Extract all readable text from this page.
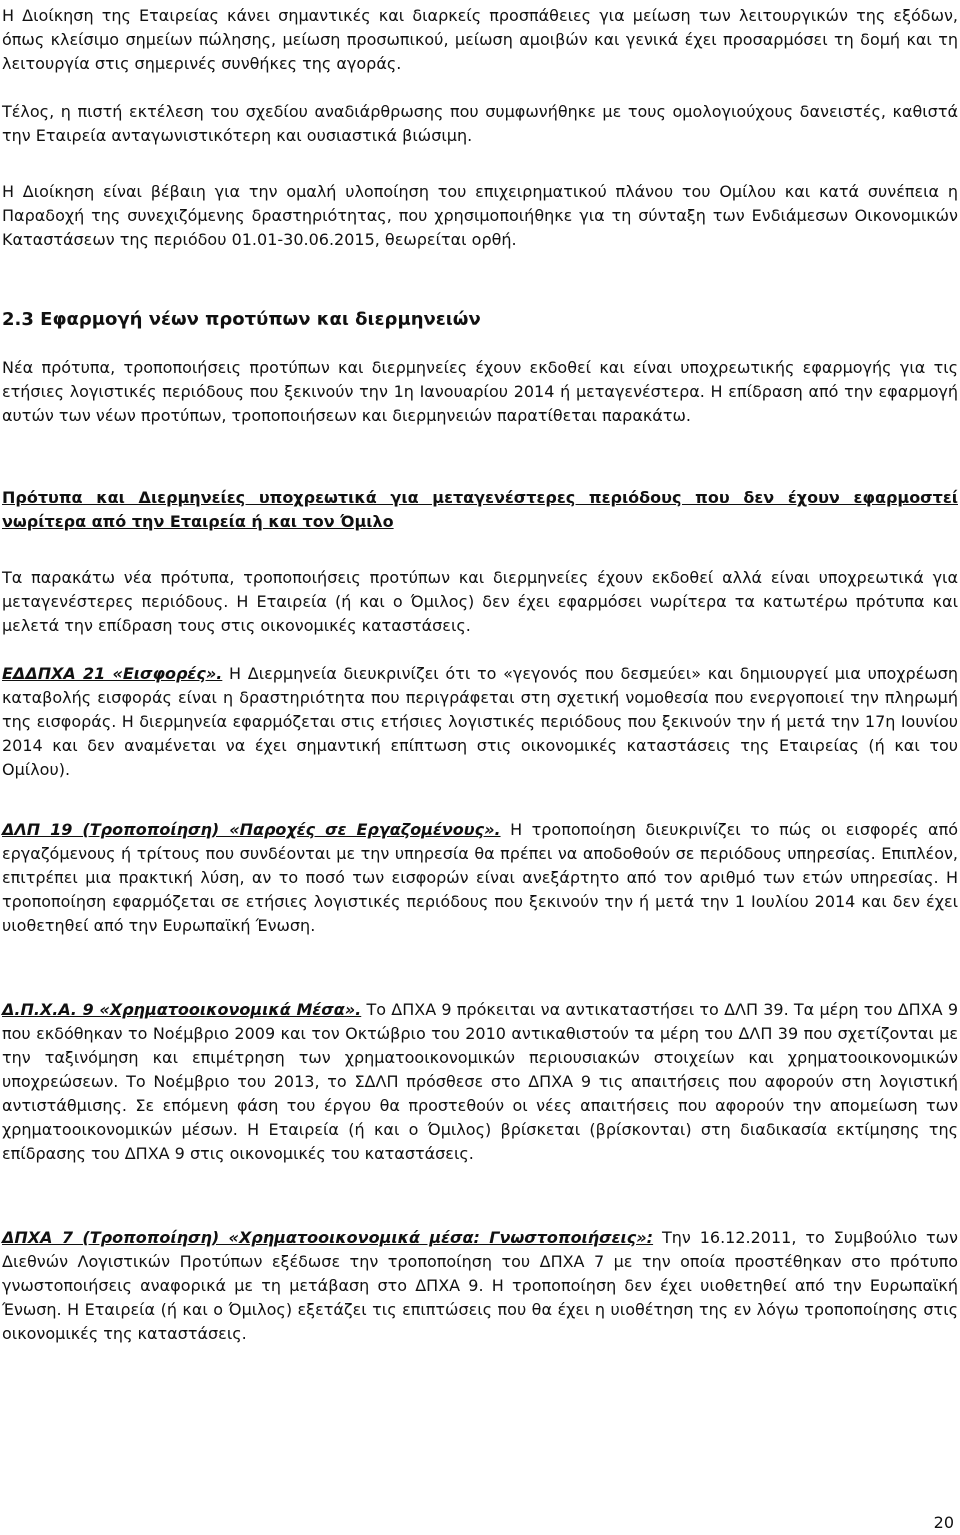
Η Διοίκηση της Εταιρείας κάνει σημαντικές και διαρκείς προσπάθειες για μείωση των λειτουργικών της εξόδων, όπως κλείσιμο σημείων πώλησης, μείωση προσωπικού, μείωση αμοιβών και γενικά έχει προσαρμόσει τη δομή και τη λειτουργία στις σημερινές συνθήκες της αγοράς.

Τέλος, η πιστή εκτέλεση του σχεδίου αναδιάρθρωσης που συμφωνήθηκε με τους ομολογιούχους δανειστές, καθιστά την Εταιρεία ανταγωνιστικότερη και ουσιαστικά βιώσιμη.

Η Διοίκηση είναι βέβαιη για την ομαλή υλοποίηση του επιχειρηματικού πλάνου του Ομίλου και κατά συνέπεια η Παραδοχή της συνεχιζόμενης δραστηριότητας, που χρησιμοποιήθηκε για τη σύνταξη των Ενδιάμεσων Οικονομικών Καταστάσεων της περιόδου 01.01-30.06.2015, θεωρείται ορθή.

2.3 Εφαρμογή νέων προτύπων και διερμηνειών

Νέα πρότυπα, τροποποιήσεις προτύπων και διερμηνείες έχουν εκδοθεί και είναι υποχρεωτικής εφαρμογής για τις ετήσιες λογιστικές περιόδους που ξεκινούν την 1η Ιανουαρίου 2014 ή μεταγενέστερα. Η επίδραση από την εφαρμογή αυτών των νέων προτύπων, τροποποιήσεων και διερμηνειών παρατίθεται παρακάτω.

Πρότυπα και Διερμηνείες υποχρεωτικά για μεταγενέστερες περιόδους που δεν έχουν εφαρμοστεί νωρίτερα από την Εταιρεία ή και τον Όμιλο

Τα παρακάτω νέα πρότυπα, τροποποιήσεις προτύπων και διερμηνείες έχουν εκδοθεί αλλά είναι υποχρεωτικά για μεταγενέστερες περιόδους. Η Εταιρεία (ή και ο Όμιλος) δεν έχει εφαρμόσει νωρίτερα τα κατωτέρω πρότυπα και μελετά την επίδραση τους στις οικονομικές καταστάσεις.

ΕΔΔΠΧΑ 21 «Εισφορές». Η Διερμηνεία διευκρινίζει ότι το «γεγονός που δεσμεύει» και δημιουργεί μια υποχρέωση καταβολής εισφοράς είναι η δραστηριότητα που περιγράφεται στη σχετική νομοθεσία που ενεργοποιεί την πληρωμή της εισφοράς. Η διερμηνεία εφαρμόζεται στις ετήσιες λογιστικές περιόδους που ξεκινούν την ή μετά την 17η Ιουνίου 2014 και δεν αναμένεται να έχει σημαντική επίπτωση στις οικονομικές καταστάσεις της Εταιρείας (ή και του Ομίλου).

ΔΛΠ 19 (Τροποποίηση) «Παροχές σε Εργαζομένους». Η τροποποίηση διευκρινίζει το πώς οι εισφορές από εργαζόμενους ή τρίτους που συνδέονται με την υπηρεσία θα πρέπει να αποδοθούν σε περιόδους υπηρεσίας. Επιπλέον, επιτρέπει μια πρακτική λύση, αν το ποσό των εισφορών είναι ανεξάρτητο από τον αριθμό των ετών υπηρεσίας. Η τροποποίηση εφαρμόζεται σε ετήσιες λογιστικές περιόδους που ξεκινούν την ή μετά την 1 Ιουλίου 2014 και δεν έχει υιοθετηθεί από την Ευρωπαϊκή Ένωση.

Δ.Π.Χ.Α. 9 «Χρηματοοικονομικά Μέσα». Το ΔΠΧΑ 9 πρόκειται να αντικαταστήσει το ΔΛΠ 39. Τα μέρη του ΔΠΧΑ 9 που εκδόθηκαν το Νοέμβριο 2009 και τον Οκτώβριο του 2010 αντικαθιστούν τα μέρη του ΔΛΠ 39 που σχετίζονται με την ταξινόμηση και επιμέτρηση των χρηματοοικονομικών περιουσιακών στοιχείων και χρηματοοικονομικών υποχρεώσεων. Το Νοέμβριο του 2013, το ΣΔΛΠ πρόσθεσε στο ΔΠΧΑ 9 τις απαιτήσεις που αφορούν στη λογιστική αντιστάθμισης. Σε επόμενη φάση του έργου θα προστεθούν οι νέες απαιτήσεις που αφορούν την απομείωση των χρηματοοικονομικών μέσων. Η Εταιρεία (ή και ο Όμιλος) βρίσκεται (βρίσκονται) στη διαδικασία εκτίμησης της επίδρασης του ΔΠΧΑ 9 στις οικονομικές του καταστάσεις.

ΔΠΧΑ 7 (Τροποποίηση) «Χρηματοοικονομικά μέσα: Γνωστοποιήσεις»: Την 16.12.2011, το Συμβούλιο των Διεθνών Λογιστικών Προτύπων εξέδωσε την τροποποίηση του ΔΠΧΑ 7 με την οποία προστέθηκαν στο πρότυπο γνωστοποιήσεις αναφορικά με τη μετάβαση στο ΔΠΧΑ 9. Η τροποποίηση δεν έχει υιοθετηθεί από την Ευρωπαϊκή Ένωση. Η Εταιρεία (ή και ο Όμιλος) εξετάζει τις επιπτώσεις που θα έχει η υιοθέτηση της εν λόγω τροποποίησης στις οικονομικές της καταστάσεις.

20
